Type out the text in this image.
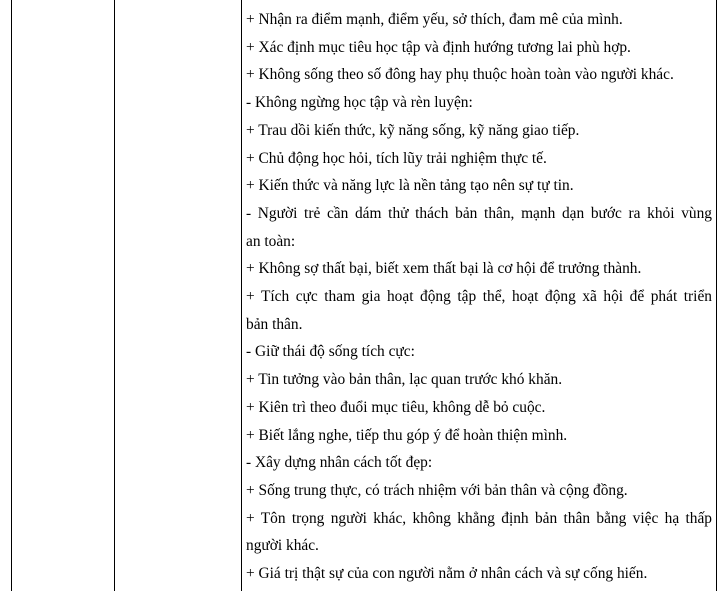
+ Nhận ra điểm mạnh, điểm yếu, sở thích, đam mê của mình.
+ Xác định mục tiêu học tập và định hướng tương lai phù hợp.
+ Không sống theo số đông hay phụ thuộc hoàn toàn vào người khác.
- Không ngừng học tập và rèn luyện:
+ Trau dồi kiến thức, kỹ năng sống, kỹ năng giao tiếp.
+ Chủ động học hỏi, tích lũy trải nghiệm thực tế.
+ Kiến thức và năng lực là nền tảng tạo nên sự tự tin.
- Người trẻ cần dám thử thách bản thân, mạnh dạn bước ra khỏi vùng
an toàn:
+ Không sợ thất bại, biết xem thất bại là cơ hội để trưởng thành.
+ Tích cực tham gia hoạt động tập thể, hoạt động xã hội để phát triển
bản thân.
- Giữ thái độ sống tích cực:
+ Tin tưởng vào bản thân, lạc quan trước khó khăn.
+ Kiên trì theo đuổi mục tiêu, không dễ bỏ cuộc.
+ Biết lắng nghe, tiếp thu góp ý để hoàn thiện mình.
- Xây dựng nhân cách tốt đẹp:
+ Sống trung thực, có trách nhiệm với bản thân và cộng đồng.
+ Tôn trọng người khác, không khẳng định bản thân bằng việc hạ thấp
người khác.
+ Giá trị thật sự của con người nằm ở nhân cách và sự cống hiến.
